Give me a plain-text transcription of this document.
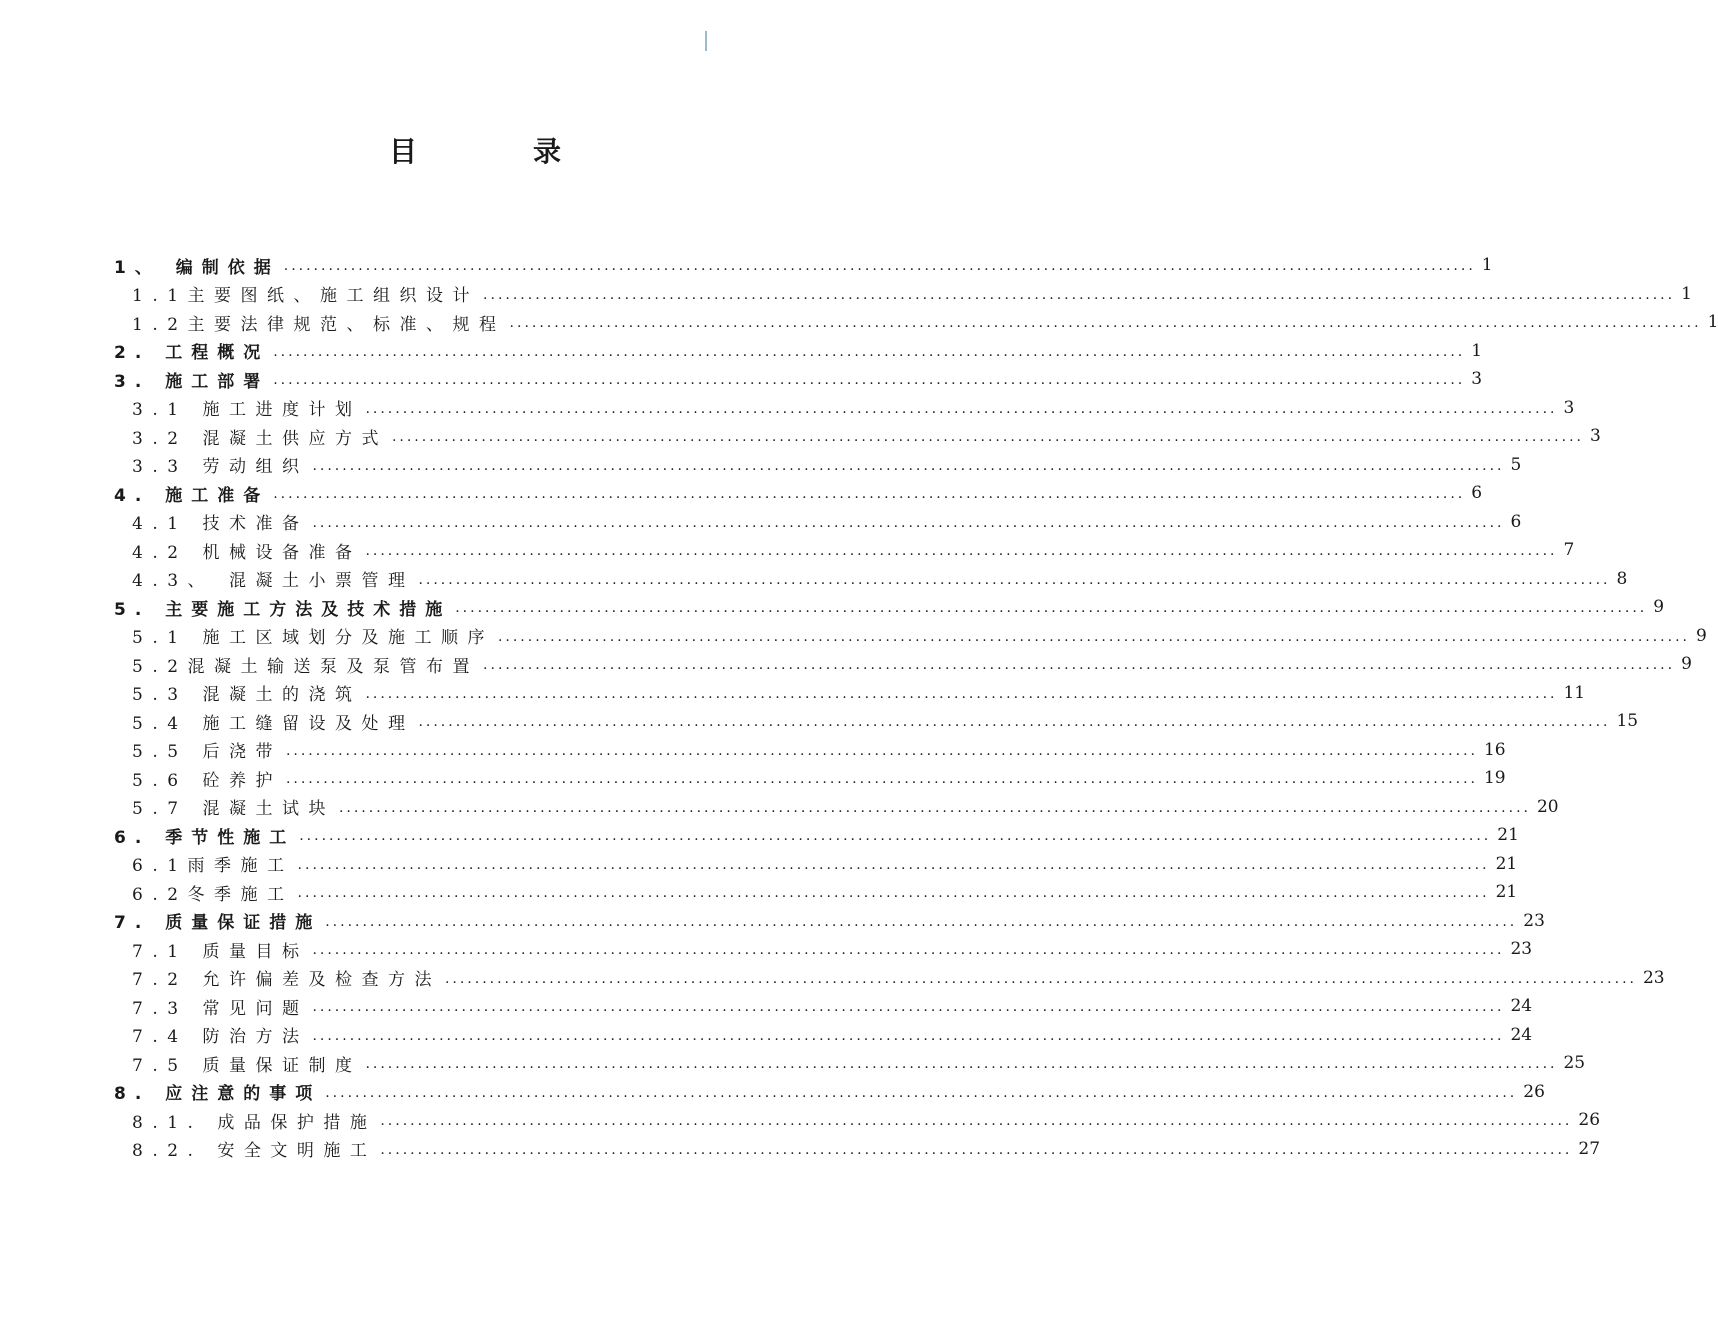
目　录
1、 编制依据 ................................................................................................................................................................ 1
1.1主要图纸、施工组织设计 ................................................................................................................................................................ 1
1.2主要法律规范、标准、规程 ................................................................................................................................................................ 1
2. 工程概况 ................................................................................................................................................................ 1
3. 施工部署 ................................................................................................................................................................ 3
3.1 施工进度计划 ................................................................................................................................................................ 3
3.2 混凝土供应方式 ................................................................................................................................................................ 3
3.3 劳动组织 ................................................................................................................................................................ 5
4. 施工准备 ................................................................................................................................................................ 6
4.1 技术准备 ................................................................................................................................................................ 6
4.2 机械设备准备 ................................................................................................................................................................ 7
4.3、 混凝土小票管理 ................................................................................................................................................................ 8
5. 主要施工方法及技术措施 ................................................................................................................................................................ 9
5.1 施工区域划分及施工顺序 ................................................................................................................................................................ 9
5.2混凝土输送泵及泵管布置 ................................................................................................................................................................ 9
5.3 混凝土的浇筑 ................................................................................................................................................................ 11
5.4 施工缝留设及处理 ................................................................................................................................................................ 15
5.5 后浇带 ................................................................................................................................................................ 16
5.6 砼养护 ................................................................................................................................................................ 19
5.7 混凝土试块 ................................................................................................................................................................ 20
6. 季节性施工 ................................................................................................................................................................ 21
6.1雨季施工 ................................................................................................................................................................ 21
6.2冬季施工 ................................................................................................................................................................ 21
7. 质量保证措施 ................................................................................................................................................................ 23
7.1 质量目标 ................................................................................................................................................................ 23
7.2 允许偏差及检查方法 ................................................................................................................................................................ 23
7.3 常见问题 ................................................................................................................................................................ 24
7.4 防治方法 ................................................................................................................................................................ 24
7.5 质量保证制度 ................................................................................................................................................................ 25
8. 应注意的事项 ................................................................................................................................................................ 26
8.1. 成品保护措施 ................................................................................................................................................................ 26
8.2. 安全文明施工 ................................................................................................................................................................ 27
